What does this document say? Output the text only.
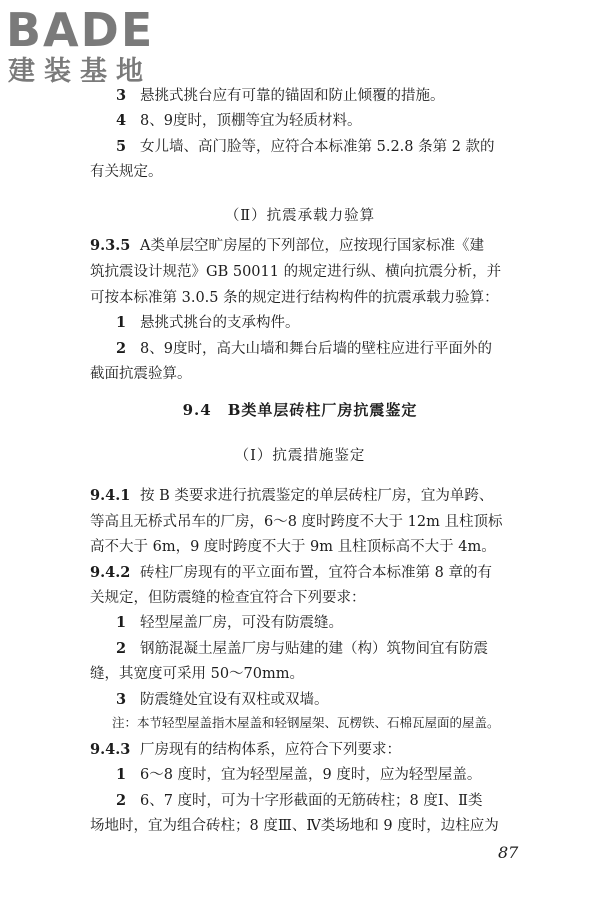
BADE
建装基地
3 悬挑式挑台应有可靠的锚固和防止倾覆的措施。
4 8、9度时，顶棚等宜为轻质材料。
5 女儿墙、高门脸等，应符合本标准第 5.2.8 条第 2 款的
有关规定。
（Ⅱ）抗震承载力验算
9.3.5 A类单层空旷房屋的下列部位，应按现行国家标准《建
筑抗震设计规范》GB 50011 的规定进行纵、横向抗震分析，并
可按本标准第 3.0.5 条的规定进行结构构件的抗震承载力验算：
1 悬挑式挑台的支承构件。
2 8、9度时，高大山墙和舞台后墙的壁柱应进行平面外的
截面抗震验算。
9.4　B类单层砖柱厂房抗震鉴定
（Ⅰ）抗震措施鉴定
9.4.1 按 B 类要求进行抗震鉴定的单层砖柱厂房，宜为单跨、
等高且无桥式吊车的厂房，6～8 度时跨度不大于 12m 且柱顶标
高不大于 6m，9 度时跨度不大于 9m 且柱顶标高不大于 4m。
9.4.2 砖柱厂房现有的平立面布置，宜符合本标准第 8 章的有
关规定，但防震缝的检查宜符合下列要求：
1 轻型屋盖厂房，可没有防震缝。
2 钢筋混凝土屋盖厂房与贴建的建（构）筑物间宜有防震
缝，其宽度可采用 50～70mm。
3 防震缝处宜设有双柱或双墙。
注：本节轻型屋盖指木屋盖和轻钢屋架、瓦楞铁、石棉瓦屋面的屋盖。
9.4.3 厂房现有的结构体系，应符合下列要求：
1 6～8 度时，宜为轻型屋盖，9 度时，应为轻型屋盖。
2 6、7 度时，可为十字形截面的无筋砖柱；8 度Ⅰ、Ⅱ类
场地时，宜为组合砖柱；8 度Ⅲ、Ⅳ类场地和 9 度时，边柱应为
87
